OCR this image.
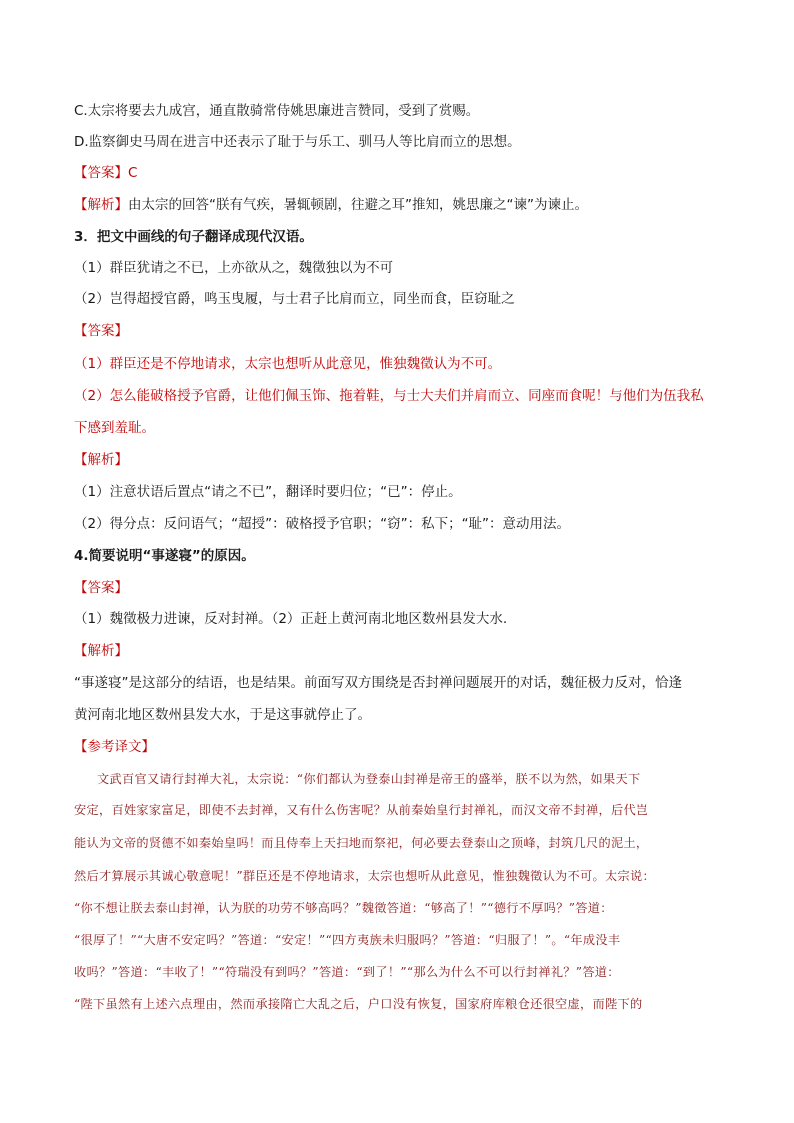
C.太宗将要去九成宫，通直散骑常侍姚思廉进言赞同，受到了赏赐。
D.监察御史马周在进言中还表示了耻于与乐工、驯马人等比肩而立的思想。
【答案】C
【解析】由太宗的回答“朕有气疾，暑辄顿剧，往避之耳”推知，姚思廉之“谏”为谏止。
3．把文中画线的句子翻译成现代汉语。
（1）群臣犹请之不已，上亦欲从之，魏徵独以为不可
（2）岂得超授官爵，鸣玉曳履，与士君子比肩而立，同坐而食，臣窃耻之
【答案】
（1）群臣还是不停地请求，太宗也想听从此意见，惟独魏徵认为不可。
（2）怎么能破格授予官爵，让他们佩玉饰、拖着鞋，与士大夫们并肩而立、同座而食呢！与他们为伍我私
下感到羞耻。
【解析】
（1）注意状语后置点“请之不已”，翻译时要归位；“已”：停止。
（2）得分点：反问语气；“超授”：破格授予官职；“窃”：私下；“耻”：意动用法。
4.简要说明“事遂寝”的原因。
【答案】
（1）魏徵极力进谏，反对封禅。（2）正赶上黄河南北地区数州县发大水.
【解析】
“事遂寝”是这部分的结语，也是结果。前面写双方围绕是否封禅问题展开的对话，魏征极力反对，恰逢
黄河南北地区数州县发大水，于是这事就停止了。
【参考译文】
文武百官又请行封禅大礼，太宗说：“你们都认为登泰山封禅是帝王的盛举，朕不以为然，如果天下
安定，百姓家家富足，即使不去封禅，又有什么伤害呢？从前秦始皇行封禅礼，而汉文帝不封禅，后代岂
能认为文帝的贤德不如秦始皇吗！而且侍奉上天扫地而祭祀，何必要去登泰山之顶峰，封筑几尺的泥土，
然后才算展示其诚心敬意呢！”群臣还是不停地请求，太宗也想听从此意见，惟独魏徵认为不可。太宗说：
“你不想让朕去泰山封禅，认为朕的功劳不够高吗？”魏徵答道：“够高了！”“德行不厚吗？”答道：
“很厚了！”“大唐不安定吗？”答道：“安定！”“四方夷族未归服吗？”答道：“归服了！”。“年成没丰
收吗？”答道：“丰收了！”“符瑞没有到吗？”答道：“到了！”“那么为什么不可以行封禅礼？”答道：
“陛下虽然有上述六点理由，然而承接隋亡大乱之后，户口没有恢复，国家府库粮仓还很空虚，而陛下的
